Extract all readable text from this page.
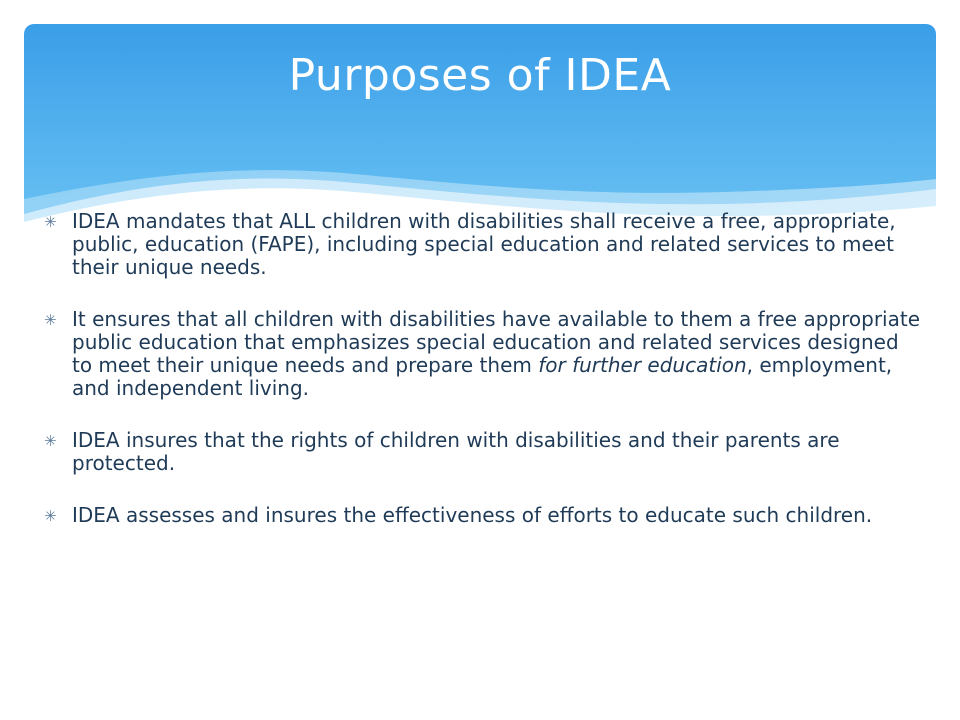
Purposes of IDEA
✳ IDEA mandates that ALL children with disabilities shall receive a free, appropriate, public, education (FAPE), including special education and related services to meet their unique needs.
✳ It ensures that all children with disabilities have available to them a free appropriate public education that emphasizes special education and related services designed to meet their unique needs and prepare them for further education, employment, and independent living.
✳ IDEA insures that the rights of children with disabilities and their parents are protected.
✳ IDEA assesses and insures the effectiveness of efforts to educate such children.
